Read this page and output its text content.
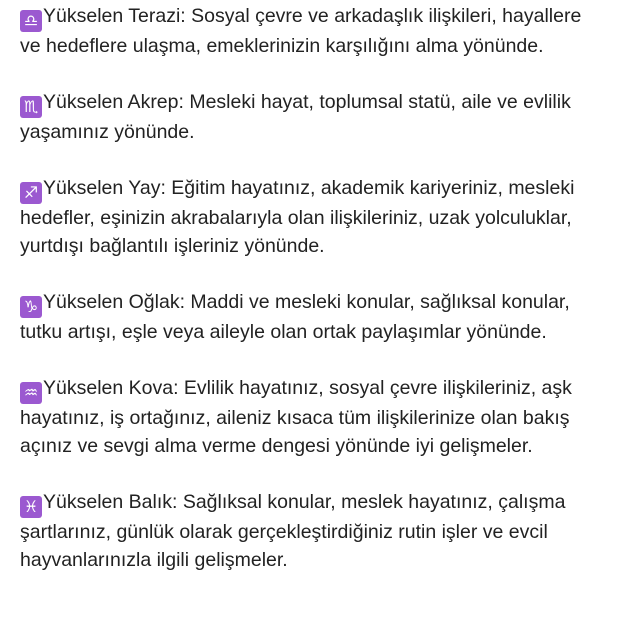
♎ Yükselen Terazi: Sosyal çevre ve arkadaşlık ilişkileri, hayallere ve hedeflere ulaşma, emeklerinizin karşılığını alma yönünde.
♏ Yükselen Akrep: Mesleki hayat, toplumsal statü, aile ve evlilik yaşamınız yönünde.
♐ Yükselen Yay: Eğitim hayatınız, akademik kariyeriniz, mesleki hedefler, eşinizin akrabalarıyla olan ilişkileriniz, uzak yolculuklar, yurtdışı bağlantılı işleriniz yönünde.
♑ Yükselen Oğlak: Maddi ve mesleki konular, sağlıksal konular, tutku artışı, eşle veya aileyle olan ortak paylaşımlar yönünde.
♒ Yükselen Kova: Evlilik hayatınız, sosyal çevre ilişkileriniz, aşk hayatınız, iş ortağınız, aileniz kısaca tüm ilişkilerinize olan bakış açınız ve sevgi alma verme dengesi yönünde iyi gelişmeler.
♓ Yükselen Balık: Sağlıksal konular, meslek hayatınız, çalışma şartlarınız, günlük olarak gerçekleştirdiğiniz rutin işler ve evcil hayvanlarınızla ilgili gelişmeler.
